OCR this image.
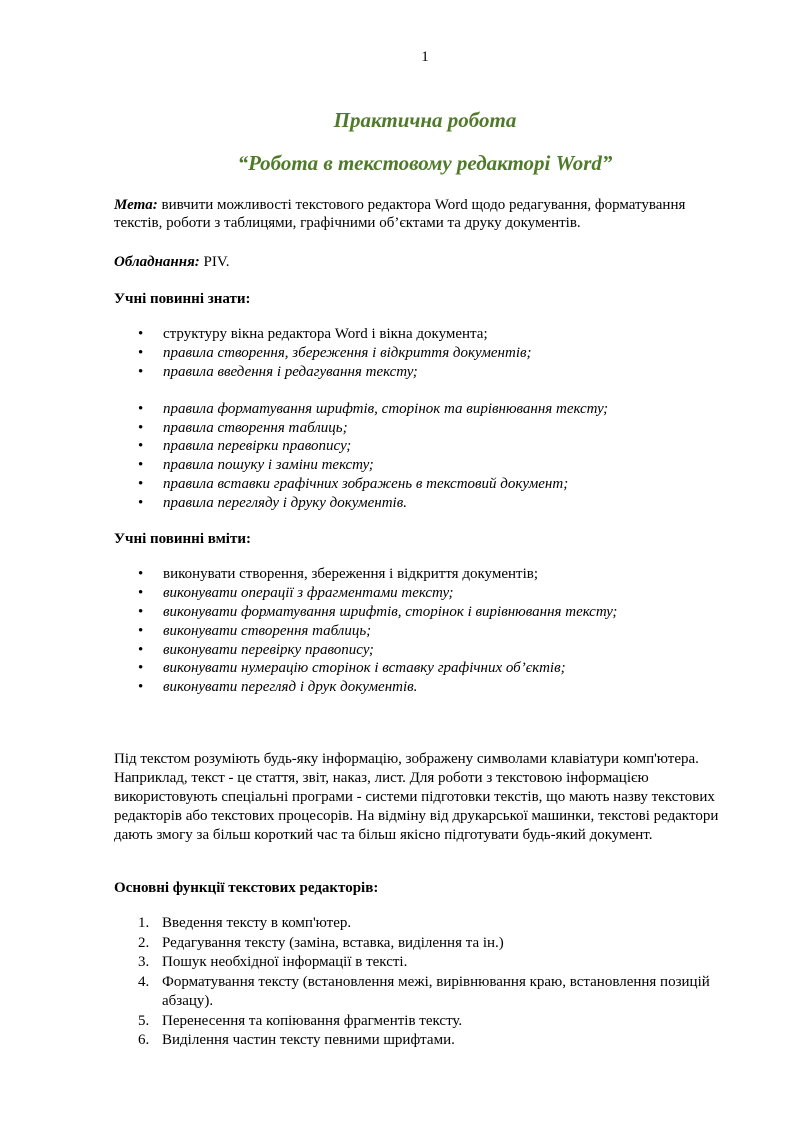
1
Практична робота
“Робота в текстовому редакторі Word”
Мета: вивчити можливості текстового редактора Word щодо редагування, форматування текстів, роботи з таблицями, графічними об’єктами та друку документів.
Обладнання: PIV.
Учні повинні знати:
• структуру вікна редактора Word і вікна документа;
• правила створення, збереження і відкриття документів;
• правила введення і редагування тексту;
• правила форматування шрифтів, сторінок та вирівнювання тексту;
• правила створення таблиць;
• правила перевірки правопису;
• правила пошуку і заміни тексту;
• правила вставки графічних зображень в текстовий документ;
• правила перегляду і друку документів.
Учні повинні вміти:
• виконувати створення, збереження і відкриття документів;
• виконувати операції з фрагментами тексту;
• виконувати форматування шрифтів, сторінок і вирівнювання тексту;
• виконувати створення таблиць;
• виконувати перевірку правопису;
• виконувати нумерацію сторінок і вставку графічних об’єктів;
• виконувати перегляд і друк документів.
Під текстом розуміють будь-яку інформацію, зображену символами клавіатури комп'ютера. Наприклад, текст - це стаття, звіт, наказ, лист. Для роботи з текстовою інформацією використовують спеціальні програми - системи підготовки текстів, що мають назву текстових редакторів або текстових процесорів. На відміну від друкарської машинки, текстові редактори дають змогу за більш короткий час та більш якісно підготувати будь-який документ.
Основні функції текстових редакторів:
1. Введення тексту в комп'ютер.
2. Редагування тексту (заміна, вставка, виділення та ін.)
3. Пошук необхідної інформації в тексті.
4. Форматування тексту (встановлення межі, вирівнювання краю, встановлення позицій абзацу).
5. Перенесення та копіювання фрагментів тексту.
6. Виділення частин тексту певними шрифтами.
